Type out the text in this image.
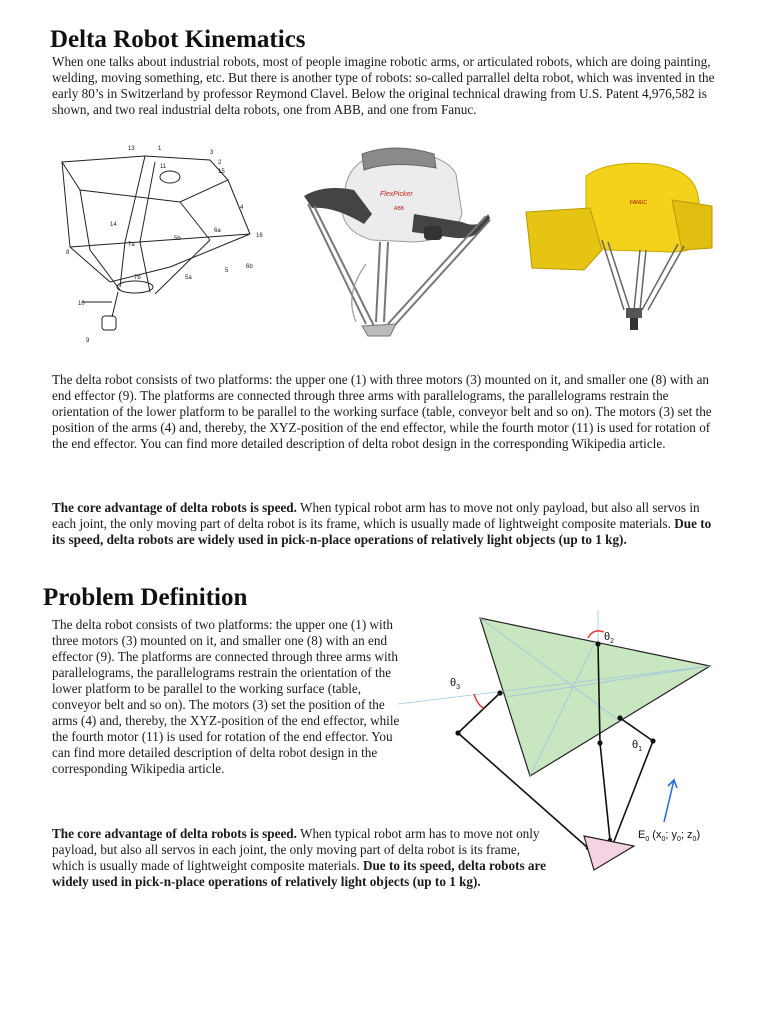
Delta Robot Kinematics

When one talks about industrial robots, most of people imagine robotic arms, or articulated robots, which are doing painting, welding, moving something, etc. But there is another type of robots: so-called parrallel delta robot, which was invented in the early 80’s in Switzerland by professor Reymond Clavel. Below the original technical drawing from U.S. Patent 4,976,582 is shown, and two real industrial delta robots, one from ABB, and one from Fanuc.

13	1
3
2
15
11
4
6a
16
14
7a
5b
8
7b
5
6b
5a
10
9
FlexPicker
ABB
FANUC

The delta robot consists of two platforms: the upper one (1) with three motors (3) mounted on it, and smaller one (8) with an end effector (9). The platforms are connected through three arms with parallelograms, the parallelograms restrain the orientation of the lower platform to be parallel to the working surface (table, conveyor belt and so on). The motors (3) set the position of the arms (4) and, thereby, the XYZ-position of the end effector, while the fourth motor (11) is used for rotation of the end effector. You can find more detailed description of delta robot design in the corresponding Wikipedia article.

The core advantage of delta robots is speed. When typical robot arm has to move not only payload, but also all servos in each joint, the only moving part of delta robot is its frame, which is usually made of lightweight composite materials. Due to its speed, delta robots are widely used in pick-n-place operations of relatively light objects (up to 1 kg).

Problem Definition

The delta robot consists of two platforms: the upper one (1) with three motors (3) mounted on it, and smaller one (8) with an end effector (9). The platforms are connected through three arms with parallelograms, the parallelograms restrain the orientation of the lower platform to be parallel to the working surface (table, conveyor belt and so on). The motors (3) set the position of the arms (4) and, thereby, the XYZ-position of the end effector, while the fourth motor (11) is used for rotation of the end effector. You can find more detailed description of delta robot design in the corresponding Wikipedia article.

The core advantage of delta robots is speed. When typical robot arm has to move not only payload, but also all servos in each joint, the only moving part of delta robot is its frame, which is usually made of lightweight composite materials. Due to its speed, delta robots are widely used in pick-n-place operations of relatively light objects (up to 1 kg).

$\theta_2$
$\theta_3$
$\theta_1$
$E_0$ ($x_0$; $y_0$; $z_0$)
